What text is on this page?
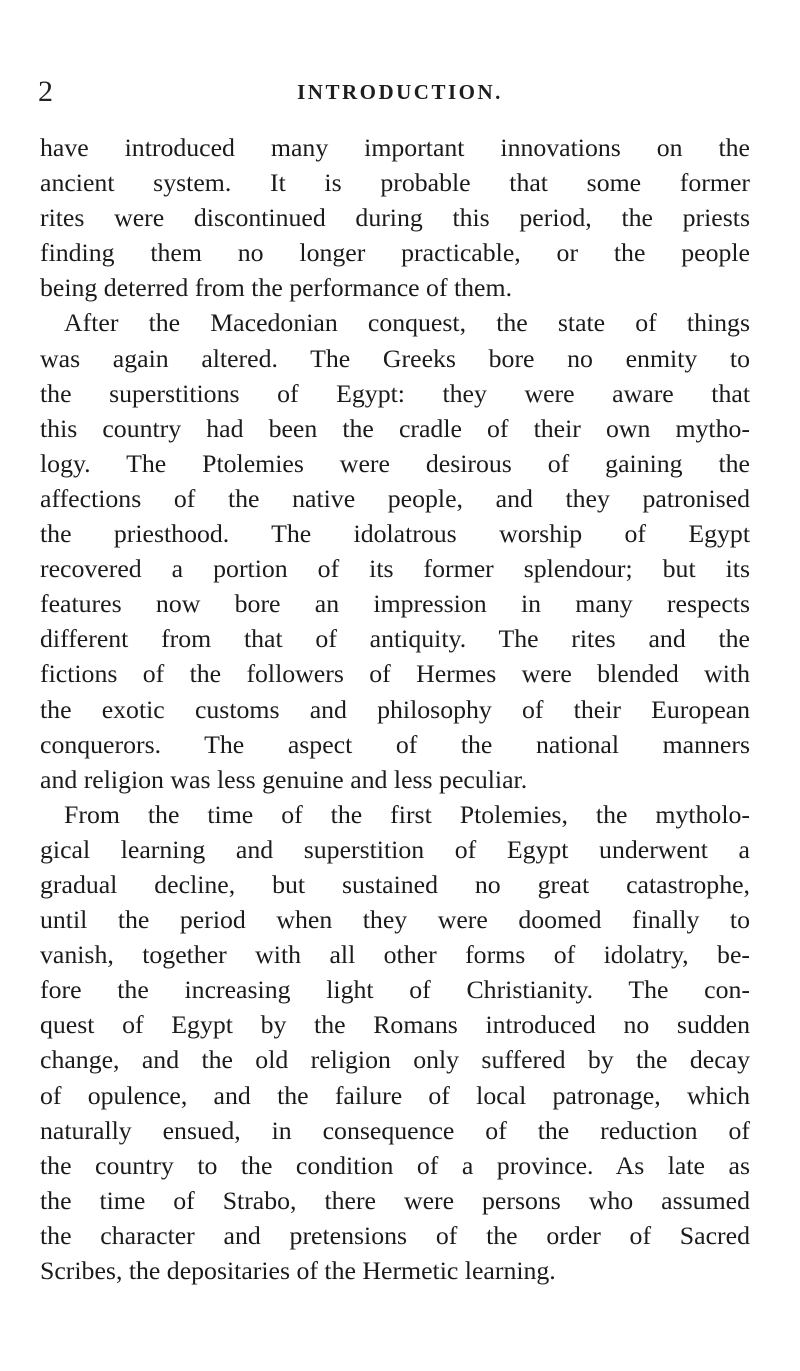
2	INTRODUCTION.
have introduced many important innovations on the
ancient system. It is probable that some former
rites were discontinued during this period, the priests
finding them no longer practicable, or the people
being deterred from the performance of them.
After the Macedonian conquest, the state of things
was again altered. The Greeks bore no enmity to
the superstitions of Egypt: they were aware that
this country had been the cradle of their own mytho-
logy. The Ptolemies were desirous of gaining the
affections of the native people, and they patronised
the priesthood. The idolatrous worship of Egypt
recovered a portion of its former splendour; but its
features now bore an impression in many respects
different from that of antiquity. The rites and the
fictions of the followers of Hermes were blended with
the exotic customs and philosophy of their European
conquerors. The aspect of the national manners
and religion was less genuine and less peculiar.
From the time of the first Ptolemies, the mytholo-
gical learning and superstition of Egypt underwent a
gradual decline, but sustained no great catastrophe,
until the period when they were doomed finally to
vanish, together with all other forms of idolatry, be-
fore the increasing light of Christianity. The con-
quest of Egypt by the Romans introduced no sudden
change, and the old religion only suffered by the decay
of opulence, and the failure of local patronage, which
naturally ensued, in consequence of the reduction of
the country to the condition of a province. As late as
the time of Strabo, there were persons who assumed
the character and pretensions of the order of Sacred
Scribes, the depositaries of the Hermetic learning.
